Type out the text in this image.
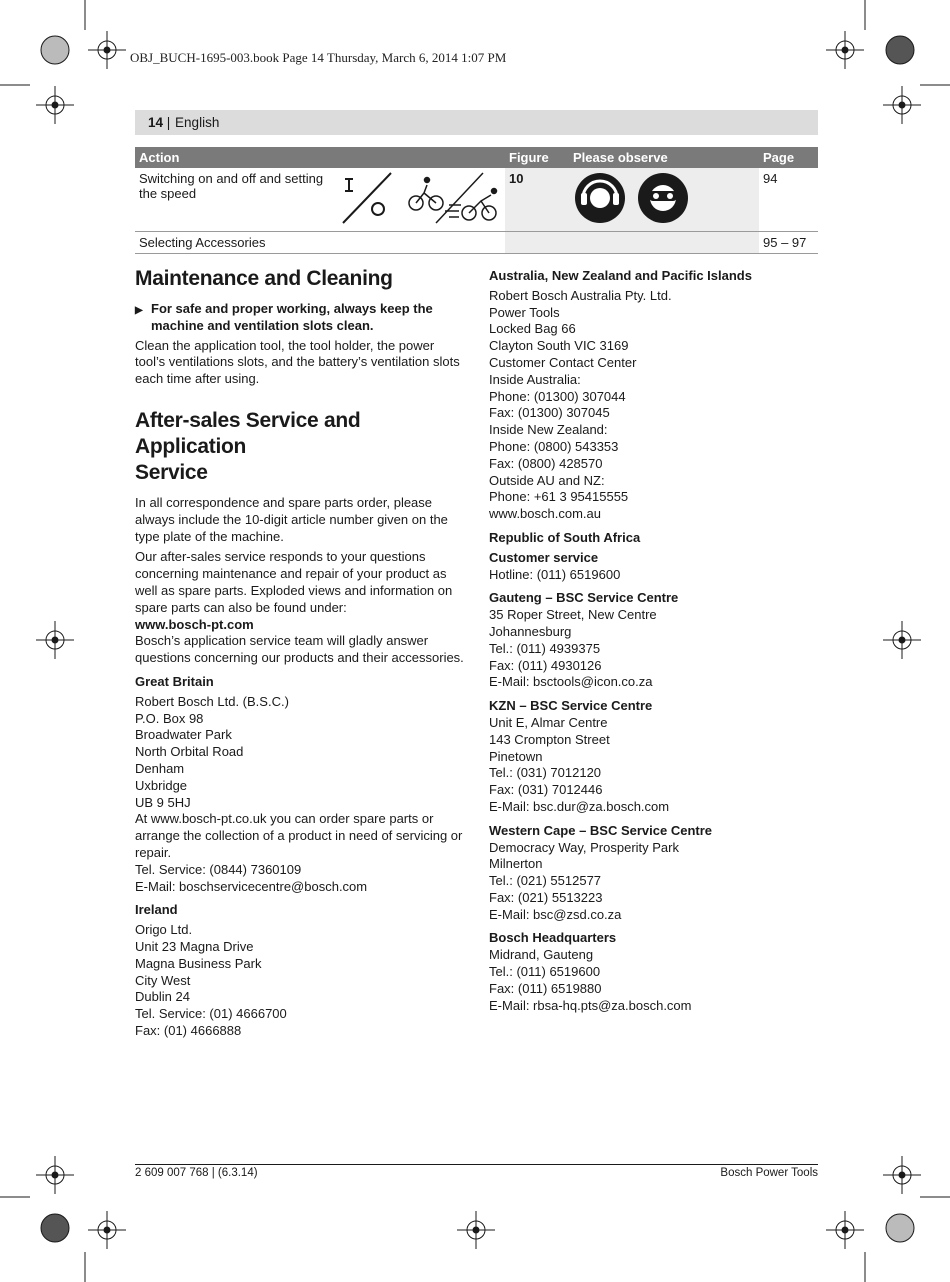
OBJ_BUCH-1695-003.book Page 14 Thursday, March 6, 2014 1:07 PM
14 | English
Action	Figure	Please observe	Page

Switching on and off and setting the speed	10		94
Selecting Accessories			95 – 97
Maintenance and Cleaning
▶ For safe and proper working, always keep the machine and ventilation slots clean.

Clean the application tool, the tool holder, the power tool’s ventilations slots, and the battery’s ventilation slots each time after using.

After-sales Service and Application
Service

In all correspondence and spare parts order, please always include the 10-digit article number given on the type plate of the machine.

Our after-sales service responds to your questions concerning maintenance and repair of your product as well as spare parts. Exploded views and information on spare parts can also be found under:

www.bosch-pt.com

Bosch’s application service team will gladly answer questions concerning our products and their accessories.

Great Britain
Robert Bosch Ltd. (B.S.C.)
P.O. Box 98
Broadwater Park
North Orbital Road
Denham
Uxbridge
UB 9 5HJ
At www.bosch-pt.co.uk you can order spare parts or arrange the collection of a product in need of servicing or repair.
Tel. Service: (0844) 7360109
E-Mail: boschservicecentre@bosch.com
Ireland
Origo Ltd.
Unit 23 Magna Drive
Magna Business Park
City West
Dublin 24
Tel. Service: (01) 4666700
Fax: (01) 4666888
Australia, New Zealand and Pacific Islands
Robert Bosch Australia Pty. Ltd.
Power Tools
Locked Bag 66
Clayton South VIC 3169
Customer Contact Center
Inside Australia:
Phone: (01300) 307044
Fax: (01300) 307045
Inside New Zealand:
Phone: (0800) 543353
Fax: (0800) 428570
Outside AU and NZ:
Phone: +61 3 95415555
www.bosch.com.au
Republic of South Africa
Customer service
Hotline: (011) 6519600
Gauteng – BSC Service Centre
35 Roper Street, New Centre
Johannesburg
Tel.: (011) 4939375
Fax: (011) 4930126
E-Mail: bsctools@icon.co.za
KZN – BSC Service Centre
Unit E, Almar Centre
143 Crompton Street
Pinetown
Tel.: (031) 7012120
Fax: (031) 7012446
E-Mail: bsc.dur@za.bosch.com
Western Cape – BSC Service Centre
Democracy Way, Prosperity Park
Milnerton
Tel.: (021) 5512577
Fax: (021) 5513223
E-Mail: bsc@zsd.co.za
Bosch Headquarters
Midrand, Gauteng
Tel.: (011) 6519600
Fax: (011) 6519880
E-Mail: rbsa-hq.pts@za.bosch.com
2 609 007 768 | (6.3.14)	Bosch Power Tools
